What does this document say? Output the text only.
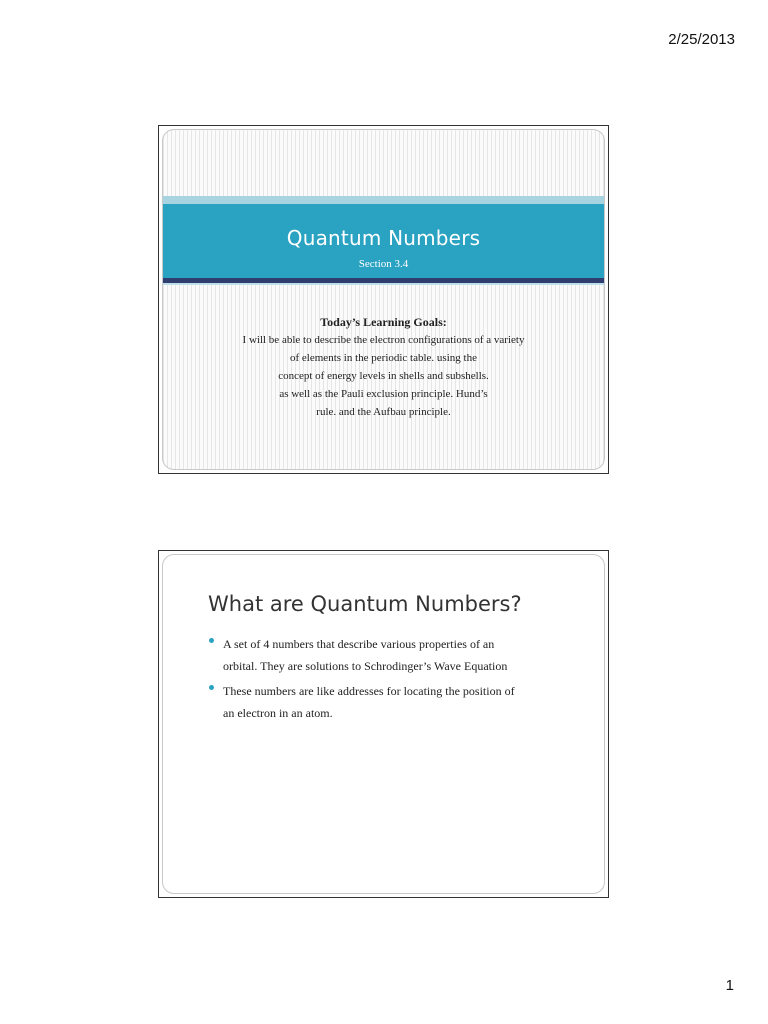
2/25/2013
Quantum Numbers
Section 3.4
Today’s Learning Goals:
I will be able to describe the electron configurations of a variety
of elements in the periodic table. using the
concept of energy levels in shells and subshells.
as well as the Pauli exclusion principle. Hund’s
rule. and the Aufbau principle.
What are Quantum Numbers?
A set of 4 numbers that describe various properties of an
orbital. They are solutions to Schrodinger’s Wave Equation
These numbers are like addresses for locating the position of
an electron in an atom.
1
